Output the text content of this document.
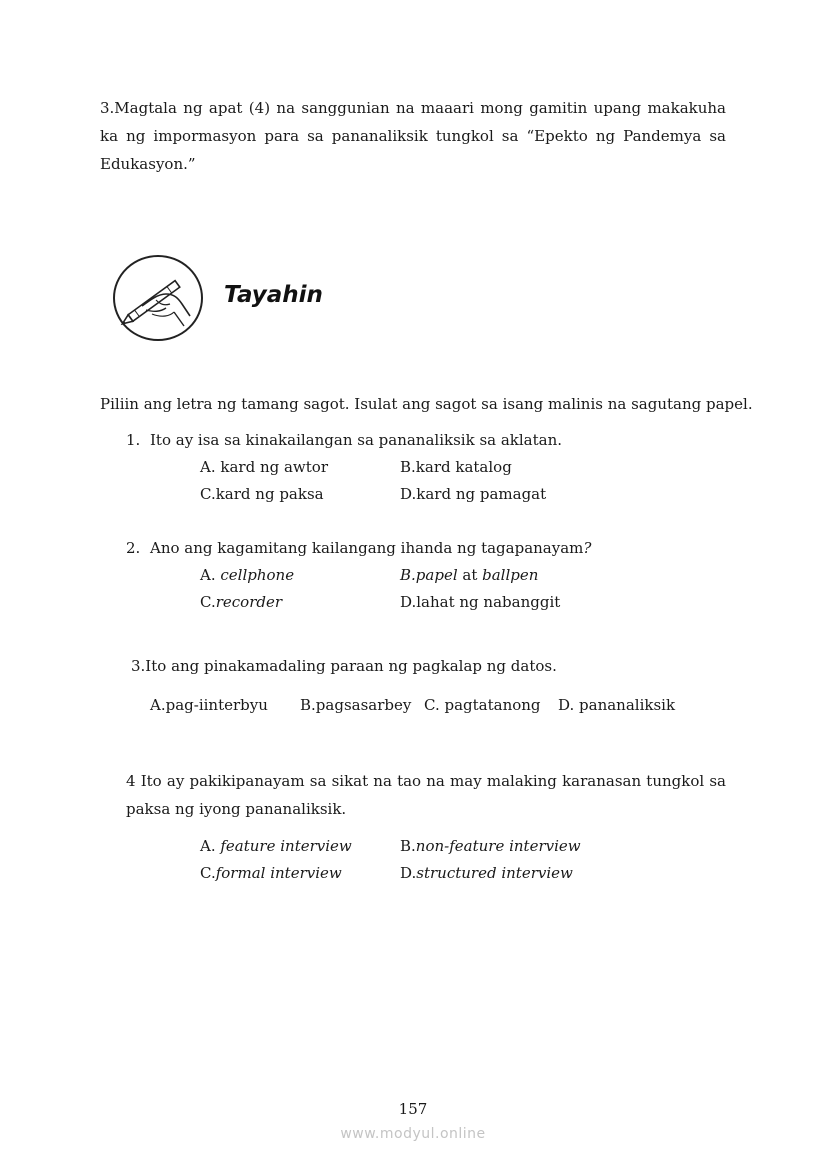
3.Magtala ng apat (4) na sanggunian na maaari mong gamitin upang makakuha ka ng impormasyon para sa pananaliksik tungkol sa “Epekto ng Pandemya sa Edukasyon.”
Tayahin
Piliin ang letra ng tamang sagot. Isulat ang sagot sa isang malinis na sagutang papel.
1. Ito ay isa sa kinakailangan sa pananaliksik sa aklatan.
A. kard ng awtor	B.kard katalog
C.kard ng paksa	D.kard ng pamagat
2. Ano ang kagamitang kailangang ihanda ng tagapanayam?
A. cellphone	B.papel at ballpen
C.recorder	D.lahat ng nabanggit
3.Ito ang pinakamadaling paraan ng pagkalap ng datos.
A.pag-iinterbyu B.pagsasarbey C. pagtatanong D. pananaliksik
4 Ito ay pakikipanayam sa sikat na tao na may malaking karanasan tungkol sa paksa ng iyong pananaliksik.
A. feature interview	B.non-feature interview
C.formal interview	D.structured interview
157
www.modyul.online
